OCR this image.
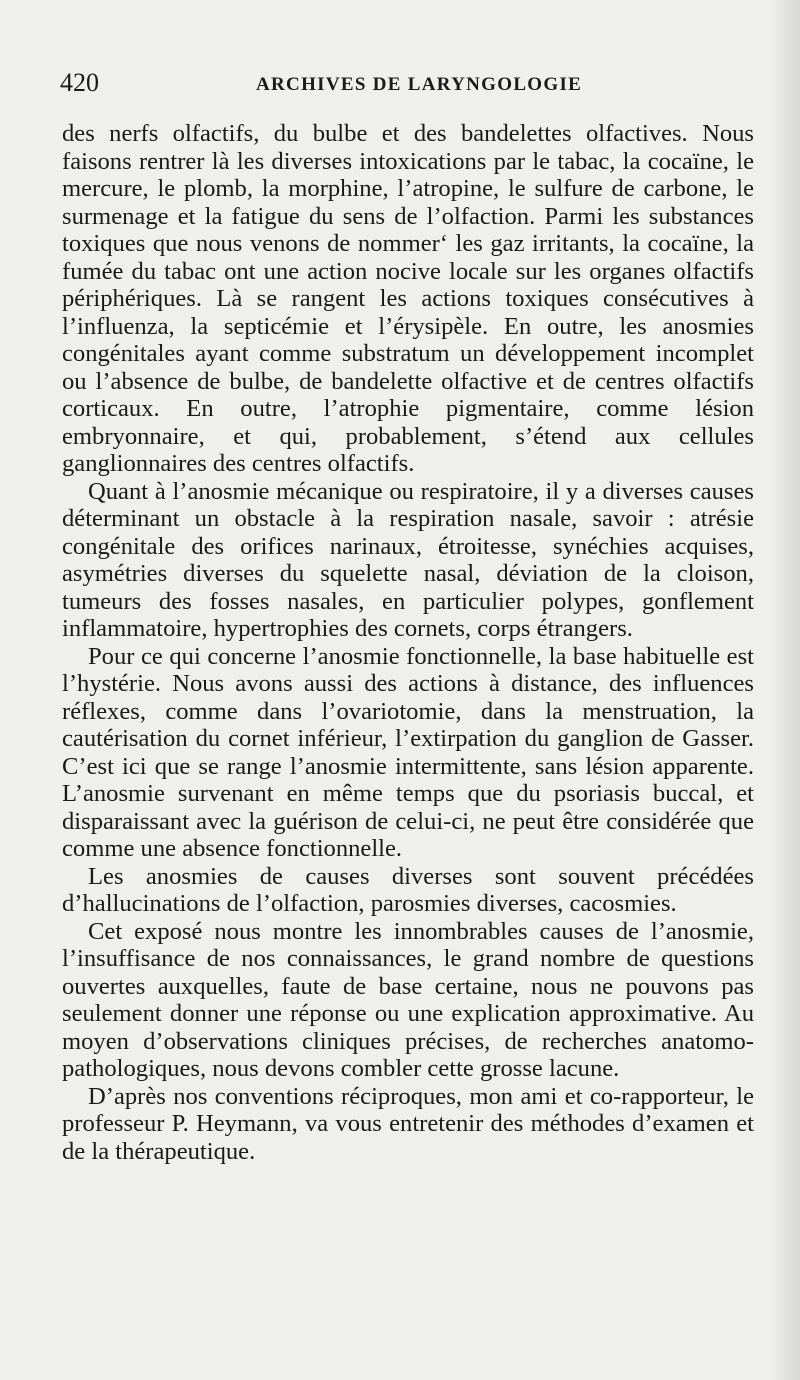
420	ARCHIVES DE LARYNGOLOGIE

des nerfs olfactifs, du bulbe et des bandelettes olfactives. Nous faisons rentrer là les diverses intoxications par le tabac, la cocaïne, le mercure, le plomb, la morphine, l’atropine, le sulfure de carbone, le surmenage et la fatigue du sens de l’olfaction. Parmi les substances toxiques que nous venons de nommer‘ les gaz irritants, la cocaïne, la fumée du tabac ont une action nocive locale sur les organes olfactifs périphériques. Là se rangent les actions toxiques consécutives à l’influenza, la septicémie et l’érysipèle. En outre, les anosmies congénitales ayant comme substratum un développement incomplet ou l’absence de bulbe, de bandelette olfactive et de centres olfactifs corticaux. En outre, l’atrophie pigmentaire, comme lésion embryonnaire, et qui, probablement, s’étend aux cellules ganglionnaires des centres olfactifs.

Quant à l’anosmie mécanique ou respiratoire, il y a diverses causes déterminant un obstacle à la respiration nasale, savoir : atrésie congénitale des orifices narinaux, étroitesse, synéchies acquises, asymétries diverses du squelette nasal, déviation de la cloison, tumeurs des fosses nasales, en particulier polypes, gonflement inflammatoire, hypertrophies des cornets, corps étrangers.

Pour ce qui concerne l’anosmie fonctionnelle, la base habituelle est l’hystérie. Nous avons aussi des actions à distance, des influences réflexes, comme dans l’ovariotomie, dans la menstruation, la cautérisation du cornet inférieur, l’extirpation du ganglion de Gasser. C’est ici que se range l’anosmie intermittente, sans lésion apparente. L’anosmie survenant en même temps que du psoriasis buccal, et disparaissant avec la guérison de celui-ci, ne peut être considérée que comme une absence fonctionnelle.

Les anosmies de causes diverses sont souvent précédées d’hallucinations de l’olfaction, parosmies diverses, cacosmies.

Cet exposé nous montre les innombrables causes de l’anosmie, l’insuffisance de nos connaissances, le grand nombre de questions ouvertes auxquelles, faute de base certaine, nous ne pouvons pas seulement donner une réponse ou une explication approximative. Au moyen d’observations cliniques précises, de recherches anatomo-pathologiques, nous devons combler cette grosse lacune.

D’après nos conventions réciproques, mon ami et co-rapporteur, le professeur P. Heymann, va vous entretenir des méthodes d’examen et de la thérapeutique.
